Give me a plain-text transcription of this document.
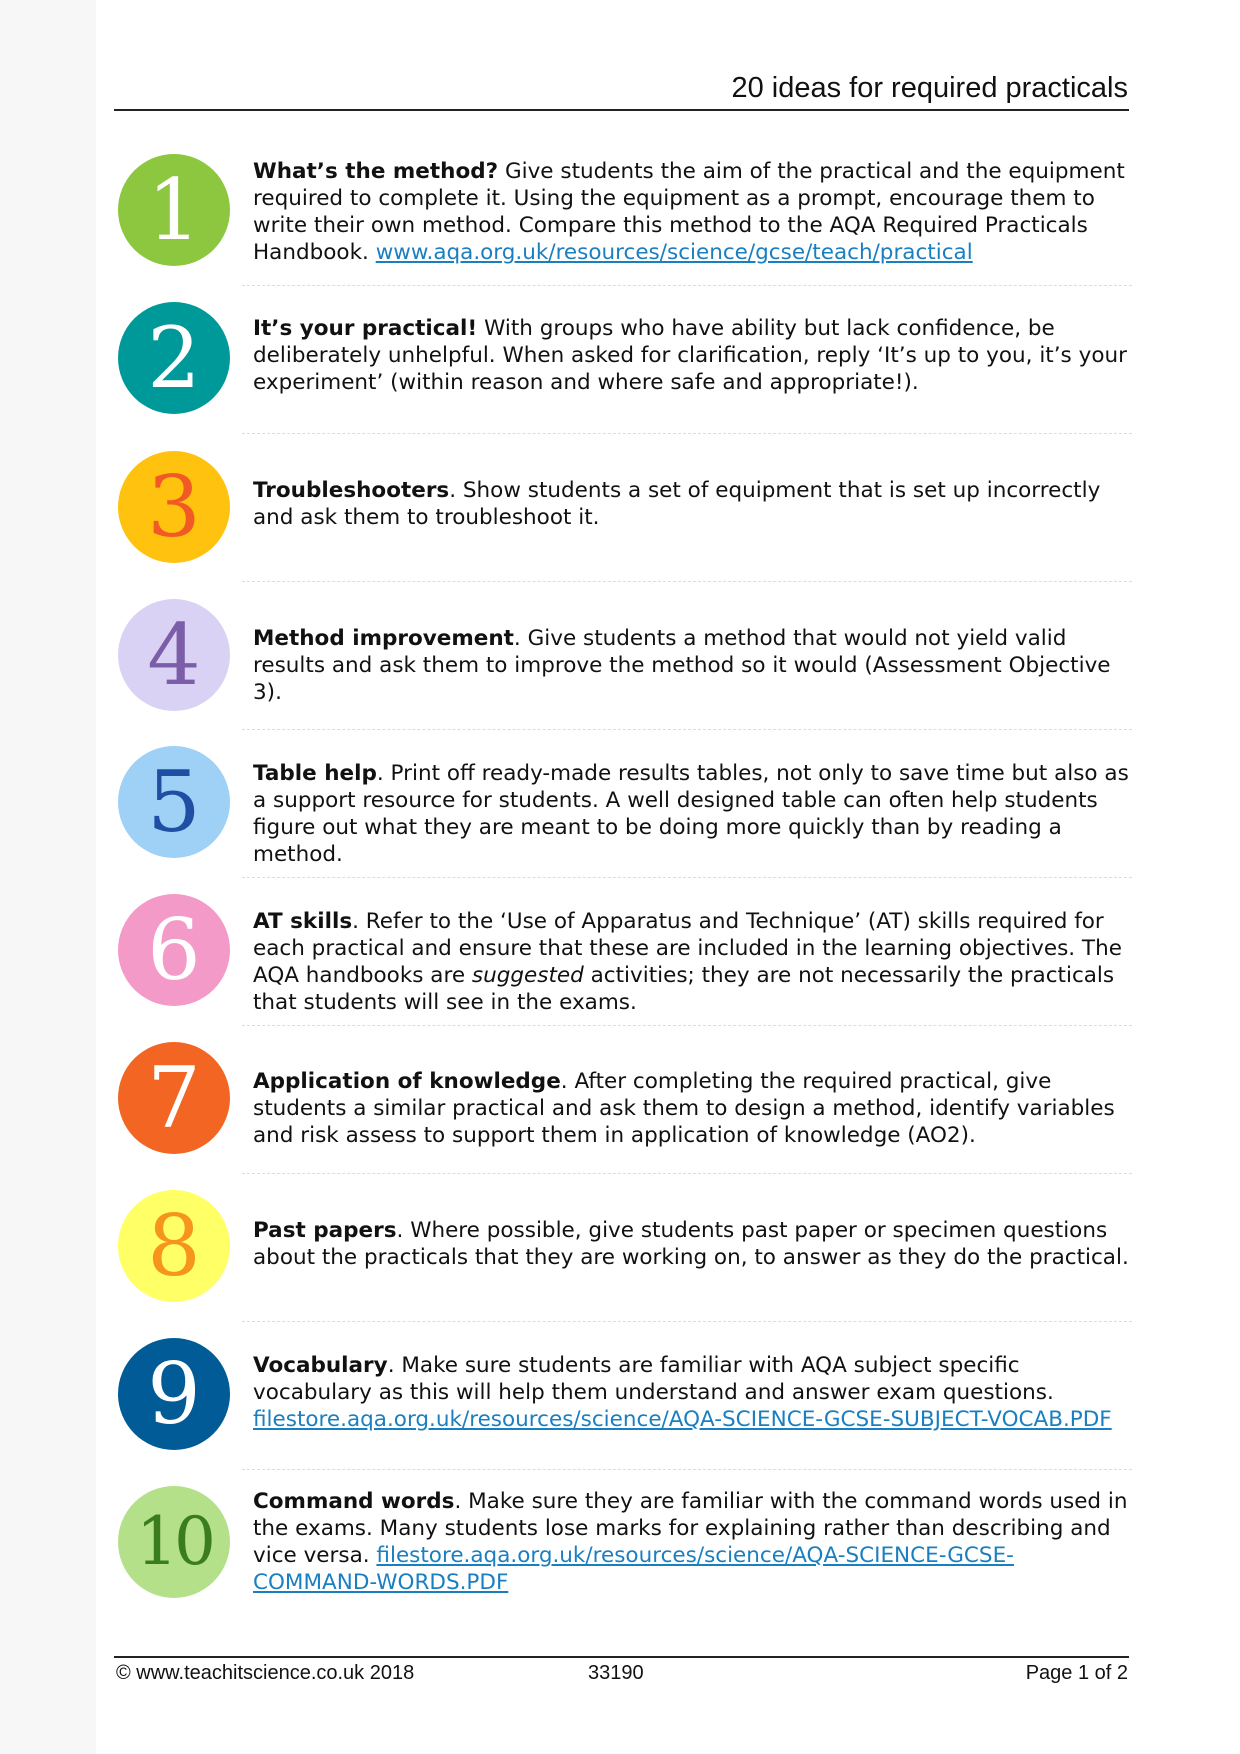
20 ideas for required practicals
1 What’s the method? Give students the aim of the practical and the equipment required to complete it. Using the equipment as a prompt, encourage them to write their own method. Compare this method to the AQA Required Practicals Handbook. www.aqa.org.uk/resources/science/gcse/teach/practical
2 It’s your practical! With groups who have ability but lack confidence, be deliberately unhelpful. When asked for clarification, reply ‘It’s up to you, it’s your experiment’ (within reason and where safe and appropriate!).
3 Troubleshooters. Show students a set of equipment that is set up incorrectly and ask them to troubleshoot it.
4 Method improvement. Give students a method that would not yield valid results and ask them to improve the method so it would (Assessment Objective 3).
5 Table help. Print off ready-made results tables, not only to save time but also as a support resource for students. A well designed table can often help students figure out what they are meant to be doing more quickly than by reading a method.
6 AT skills. Refer to the ‘Use of Apparatus and Technique’ (AT) skills required for each practical and ensure that these are included in the learning objectives. The AQA handbooks are suggested activities; they are not necessarily the practicals that students will see in the exams.
7 Application of knowledge. After completing the required practical, give students a similar practical and ask them to design a method, identify variables and risk assess to support them in application of knowledge (AO2).
8 Past papers. Where possible, give students past paper or specimen questions about the practicals that they are working on, to answer as they do the practical.
9 Vocabulary. Make sure students are familiar with AQA subject specific vocabulary as this will help them understand and answer exam questions. filestore.aqa.org.uk/resources/science/AQA-SCIENCE-GCSE-SUBJECT-VOCAB.PDF
10
Command words. Make sure they are familiar with the command words used in the exams. Many students lose marks for explaining rather than describing and vice versa. filestore.aqa.org.uk/resources/science/AQA-SCIENCE-GCSE-COMMAND-WORDS.PDF
© www.teachitscience.co.uk 2018	33190	Page 1 of 2
